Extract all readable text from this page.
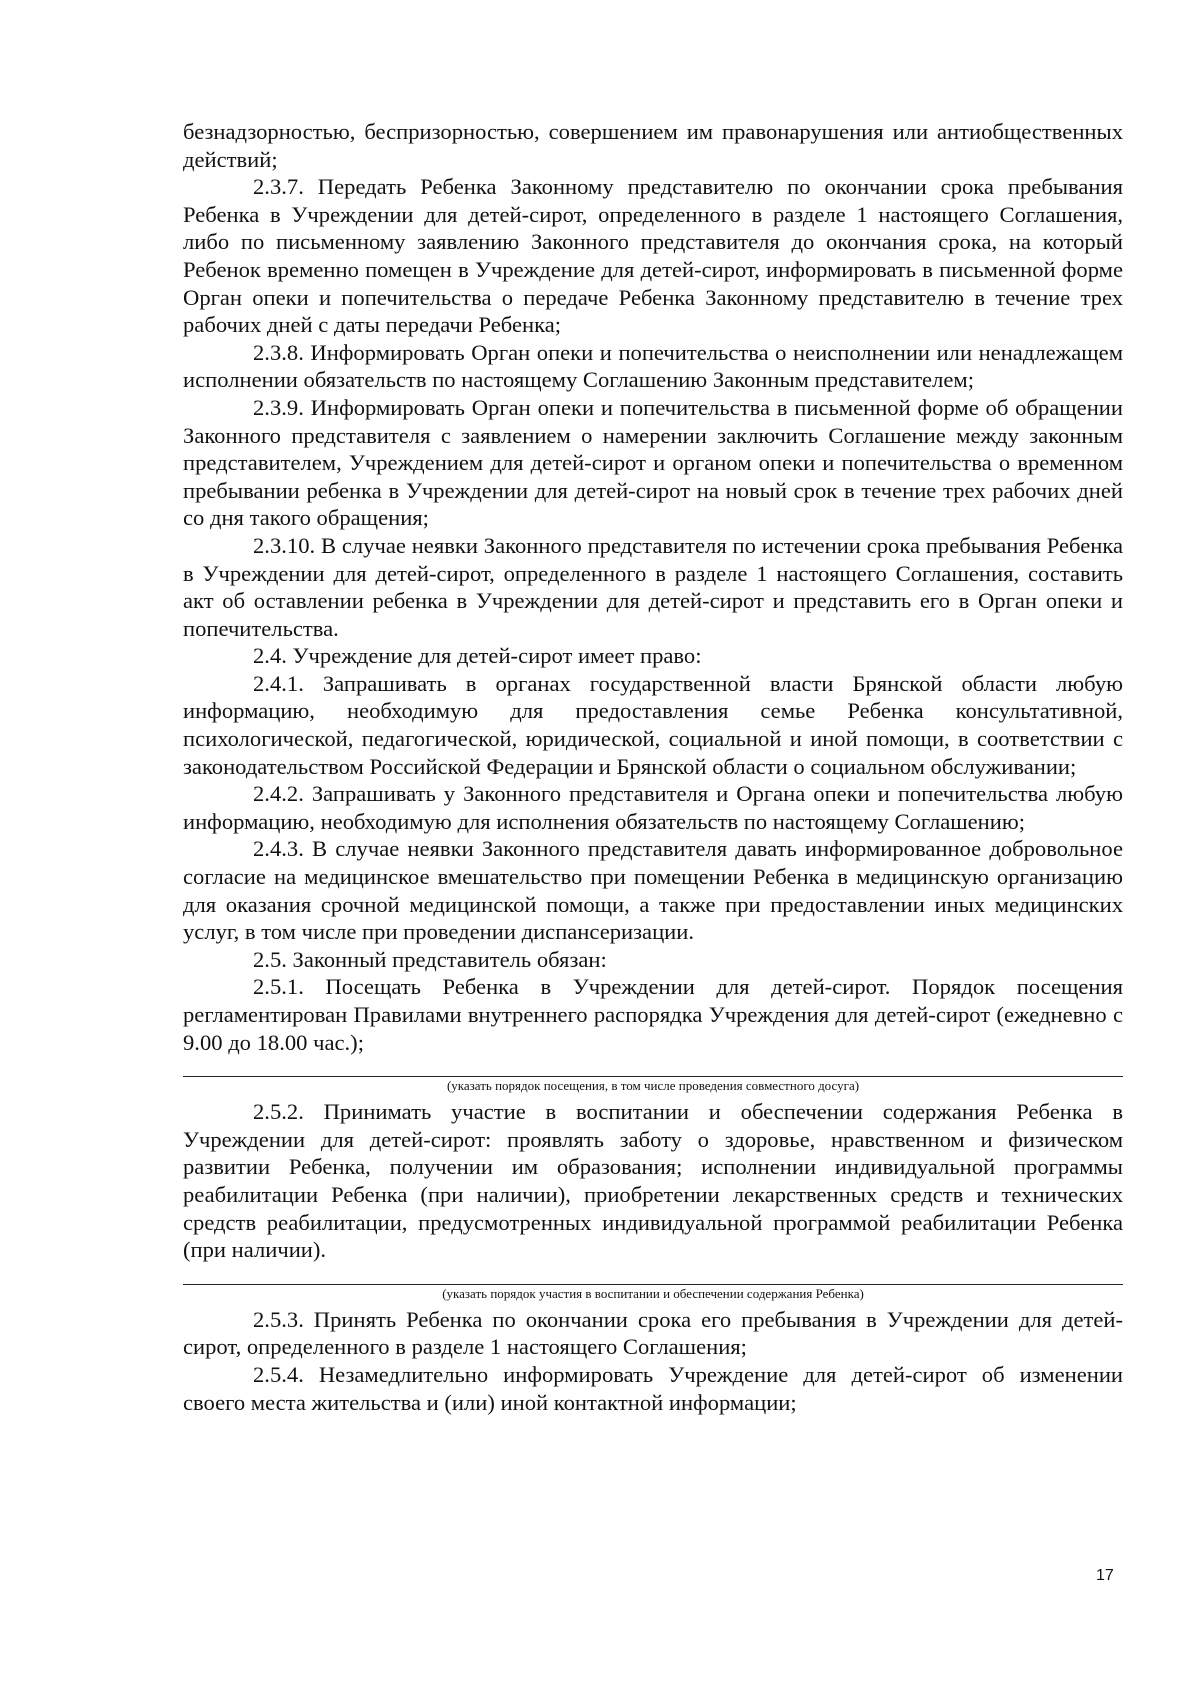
безнадзорностью, беспризорностью, совершением им правонарушения или антиобщественных действий;

2.3.7. Передать Ребенка Законному представителю по окончании срока пребывания Ребенка в Учреждении для детей-сирот, определенного в разделе 1 настоящего Соглашения, либо по письменному заявлению Законного представителя до окончания срока, на который Ребенок временно помещен в Учреждение для детей-сирот, информировать в письменной форме Орган опеки и попечительства о передаче Ребенка Законному представителю в течение трех рабочих дней с даты передачи Ребенка;

2.3.8. Информировать Орган опеки и попечительства о неисполнении или ненадлежащем исполнении обязательств по настоящему Соглашению Законным представителем;

2.3.9. Информировать Орган опеки и попечительства в письменной форме об обращении Законного представителя с заявлением о намерении заключить Соглашение между законным представителем, Учреждением для детей-сирот и органом опеки и попечительства о временном пребывании ребенка в Учреждении для детей-сирот на новый срок в течение трех рабочих дней со дня такого обращения;

2.3.10. В случае неявки Законного представителя по истечении срока пребывания Ребенка в Учреждении для детей-сирот, определенного в разделе 1 настоящего Соглашения, составить акт об оставлении ребенка в Учреждении для детей-сирот и представить его в Орган опеки и попечительства.

2.4. Учреждение для детей-сирот имеет право:

2.4.1. Запрашивать в органах государственной власти Брянской области любую информацию, необходимую для предоставления семье Ребенка консультативной, психологической, педагогической, юридической, социальной и иной помощи, в соответствии с законодательством Российской Федерации и Брянской области о социальном обслуживании;

2.4.2. Запрашивать у Законного представителя и Органа опеки и попечительства любую информацию, необходимую для исполнения обязательств по настоящему Соглашению;

2.4.3. В случае неявки Законного представителя давать информированное добровольное согласие на медицинское вмешательство при помещении Ребенка в медицинскую организацию для оказания срочной медицинской помощи, а также при предоставлении иных медицинских услуг, в том числе при проведении диспансеризации.

2.5. Законный представитель обязан:

2.5.1. Посещать Ребенка в Учреждении для детей-сирот. Порядок посещения регламентирован Правилами внутреннего распорядка Учреждения для детей-сирот (ежедневно с 9.00 до 18.00 час.);

(указать порядок посещения, в том числе проведения совместного досуга)

2.5.2. Принимать участие в воспитании и обеспечении содержания Ребенка в Учреждении для детей-сирот: проявлять заботу о здоровье, нравственном и физическом развитии Ребенка, получении им образования; исполнении индивидуальной программы реабилитации Ребенка (при наличии), приобретении лекарственных средств и технических средств реабилитации, предусмотренных индивидуальной программой реабилитации Ребенка (при наличии).

(указать порядок участия в воспитании и обеспечении содержания Ребенка)

2.5.3. Принять Ребенка по окончании срока его пребывания в Учреждении для детей-сирот, определенного в разделе 1 настоящего Соглашения;

2.5.4. Незамедлительно информировать Учреждение для детей-сирот об изменении своего места жительства и (или) иной контактной информации;

17
